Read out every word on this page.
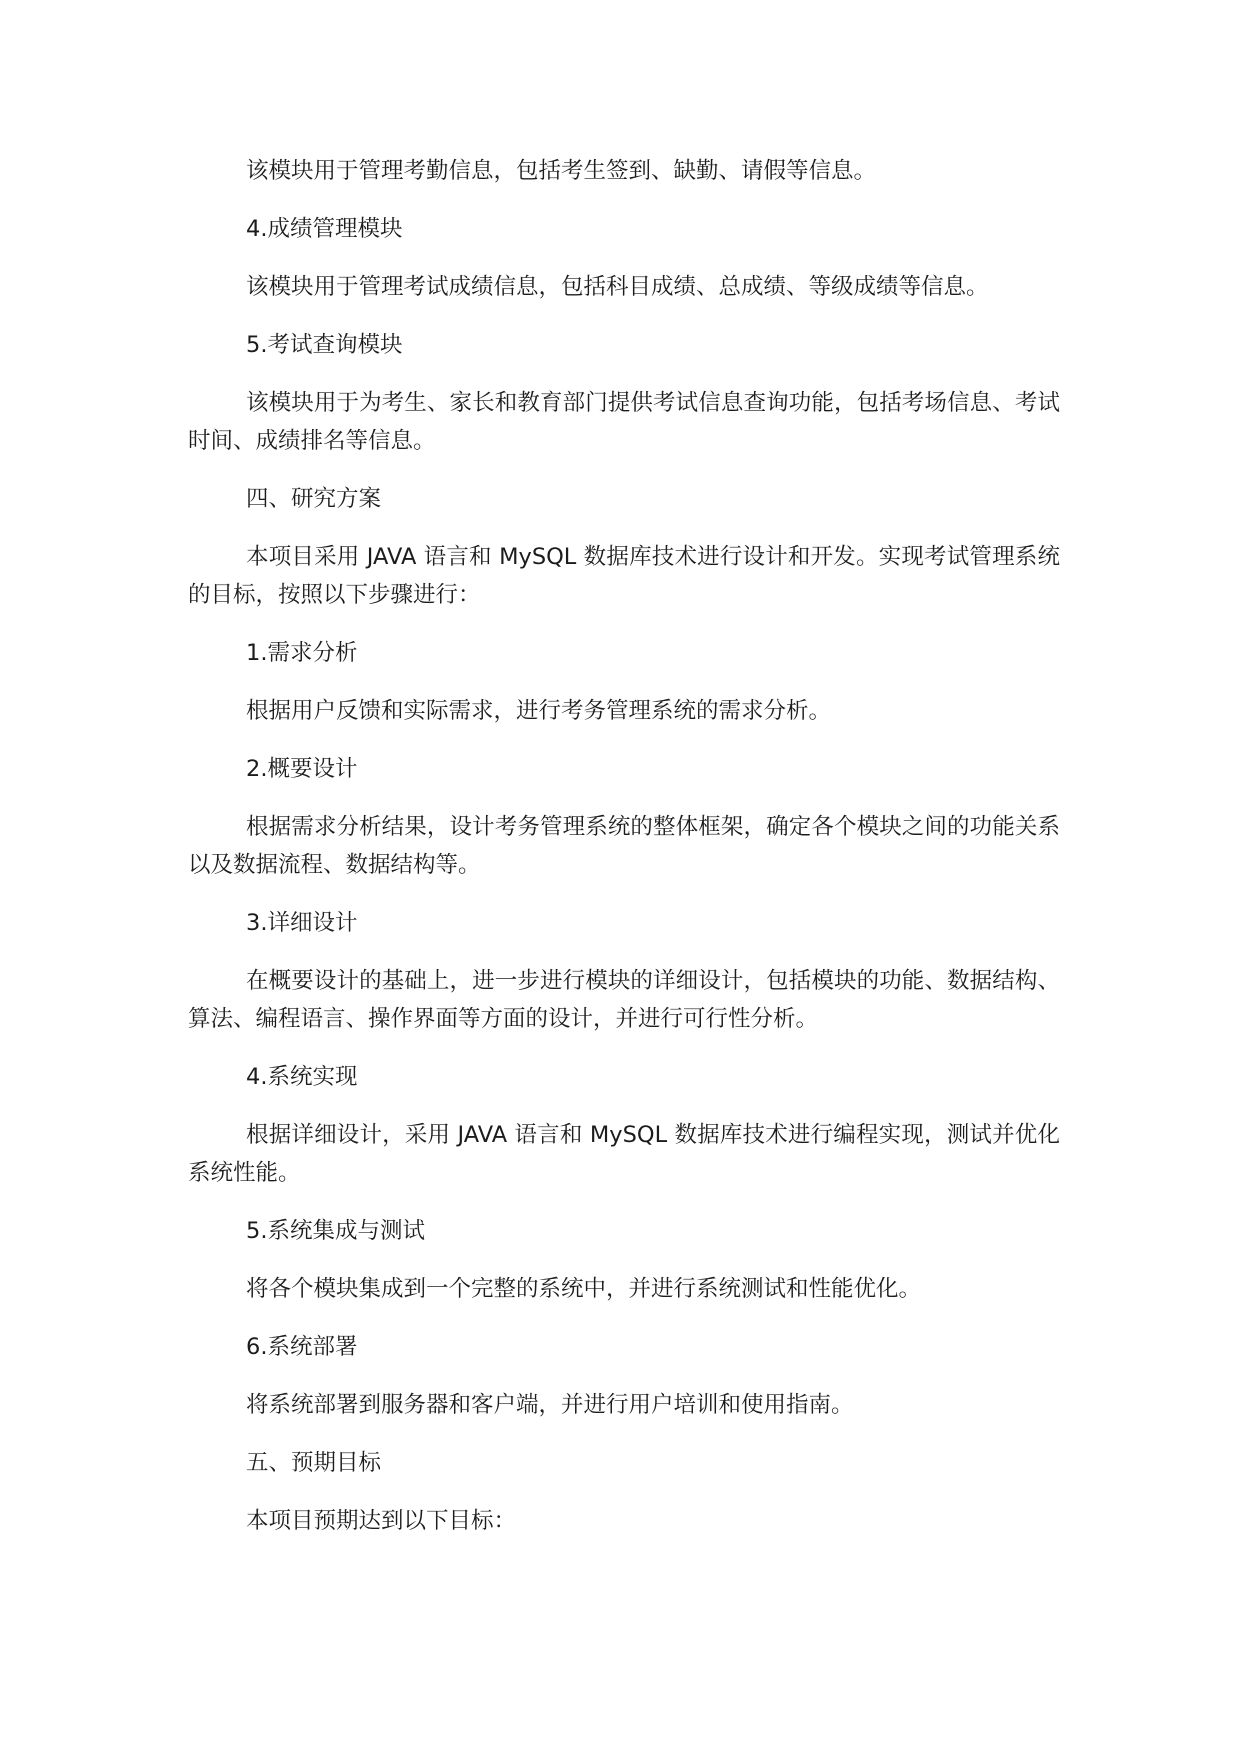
该模块用于管理考勤信息，包括考生签到、缺勤、请假等信息。

4.成绩管理模块

该模块用于管理考试成绩信息，包括科目成绩、总成绩、等级成绩等信息。

5.考试查询模块

该模块用于为考生、家长和教育部门提供考试信息查询功能，包括考场信息、考试时间、成绩排名等信息。

四、研究方案

本项目采用 JAVA 语言和 MySQL 数据库技术进行设计和开发。实现考试管理系统的目标，按照以下步骤进行：

1.需求分析

根据用户反馈和实际需求，进行考务管理系统的需求分析。

2.概要设计

根据需求分析结果，设计考务管理系统的整体框架，确定各个模块之间的功能关系以及数据流程、数据结构等。

3.详细设计

在概要设计的基础上，进一步进行模块的详细设计，包括模块的功能、数据结构、算法、编程语言、操作界面等方面的设计，并进行可行性分析。

4.系统实现

根据详细设计，采用 JAVA 语言和 MySQL 数据库技术进行编程实现，测试并优化系统性能。

5.系统集成与测试

将各个模块集成到一个完整的系统中，并进行系统测试和性能优化。

6.系统部署

将系统部署到服务器和客户端，并进行用户培训和使用指南。

五、预期目标

本项目预期达到以下目标：
